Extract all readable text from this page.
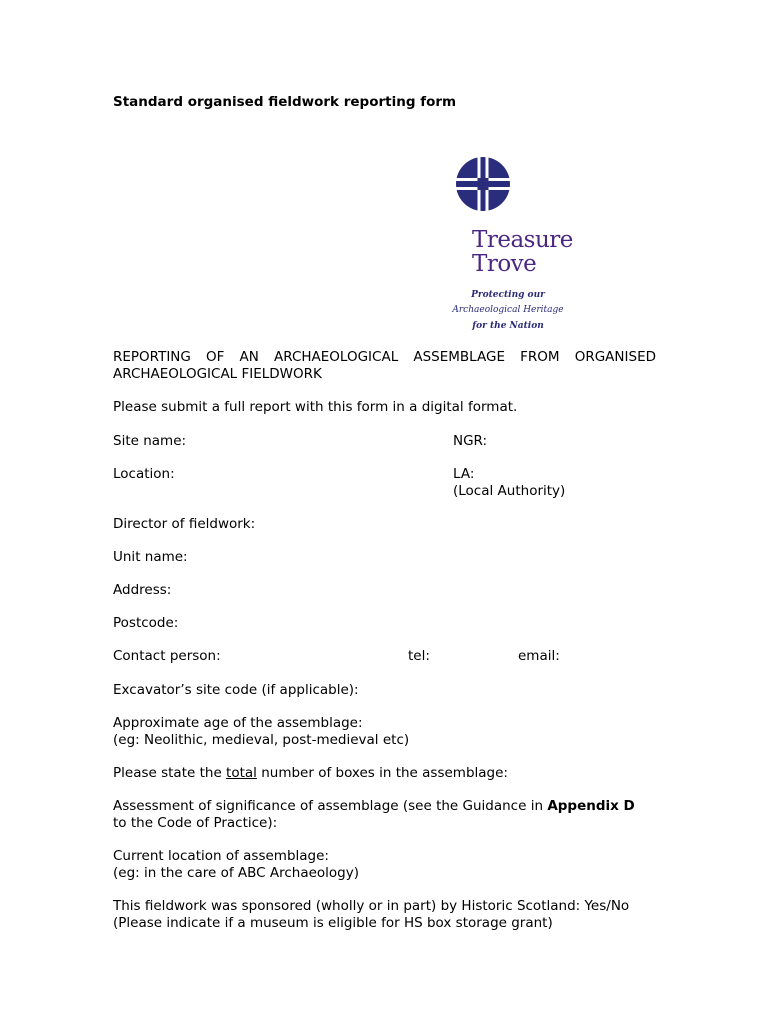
Standard organised fieldwork reporting form
Treasure
Trove
Protecting our
Archaeological Heritage
for the Nation
REPORTING OF AN ARCHAEOLOGICAL ASSEMBLAGE FROM ORGANISED ARCHAEOLOGICAL FIELDWORK
Please submit a full report with this form in a digital format.
Site name:	NGR:
Location:	LA:
(Local Authority)
Director of fieldwork:
Unit name:
Address:
Postcode:
Contact person:	tel:	email:
Excavator’s site code (if applicable):
Approximate age of the assemblage:
(eg: Neolithic, medieval, post-medieval etc)
Please state the total number of boxes in the assemblage:
Assessment of significance of assemblage (see the Guidance in Appendix D
to the Code of Practice):
Current location of assemblage:
(eg: in the care of ABC Archaeology)
This fieldwork was sponsored (wholly or in part) by Historic Scotland: Yes/No
(Please indicate if a museum is eligible for HS box storage grant)
